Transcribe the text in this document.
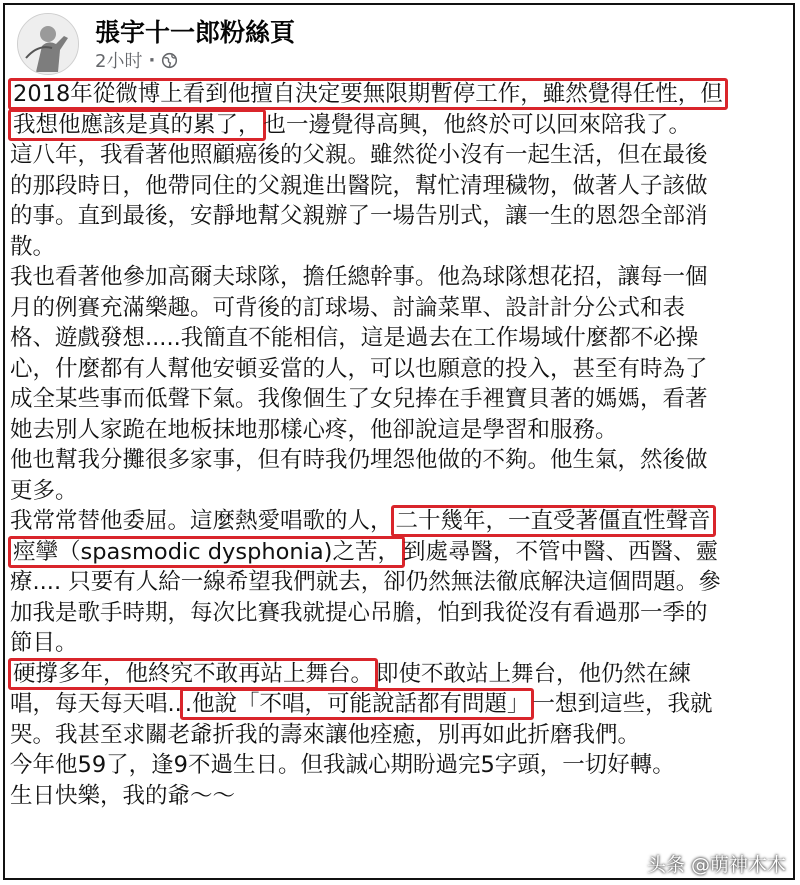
張宇十一郎粉絲頁
2小时 ·

2018年從微博上看到他擅自決定要無限期暫停工作，雖然覺得任性，但

我想他應該是真的累了， 也一邊覺得高興，他終於可以回來陪我了。

這八年，我看著他照顧癌後的父親。雖然從小沒有一起生活，但在最後

的那段時日，他帶同住的父親進出醫院，幫忙清理穢物，做著人子該做

的事。直到最後，安靜地幫父親辦了一場告別式，讓一生的恩怨全部消

散。

我也看著他參加高爾夫球隊，擔任總幹事。他為球隊想花招，讓每一個

月的例賽充滿樂趣。可背後的訂球場、討論菜單、設計計分公式和表

格、遊戲發想.....我簡直不能相信，這是過去在工作場域什麼都不必操

心，什麼都有人幫他安頓妥當的人，可以也願意的投入，甚至有時為了

成全某些事而低聲下氣。我像個生了女兒捧在手裡寶貝著的媽媽，看著

她去別人家跪在地板抹地那樣心疼，他卻說這是學習和服務。

他也幫我分攤很多家事，但有時我仍埋怨他做的不夠。他生氣，然後做

更多。

我常常替他委屈。這麼熱愛唱歌的人， 二十幾年，一直受著僵直性聲音

痙攣（spasmodic dysphonia)之苦， 到處尋醫，不管中醫、西醫、靈

療.... 只要有人給一線希望我們就去，卻仍然無法徹底解決這個問題。參

加我是歌手時期，每次比賽我就提心吊膽，怕到我從沒有看過那一季的

節目。

硬撐多年，他終究不敢再站上舞台。 即使不敢站上舞台，他仍然在練

唱，每天每天唱.. .他說「不唱，可能說話都有問題」 一想到這些，我就

哭。我甚至求關老爺折我的壽來讓他痊癒，別再如此折磨我們。

今年他59了，逢9不過生日。但我誠心期盼過完5字頭，一切好轉。

生日快樂，我的爺～～

头条 @萌神木木
